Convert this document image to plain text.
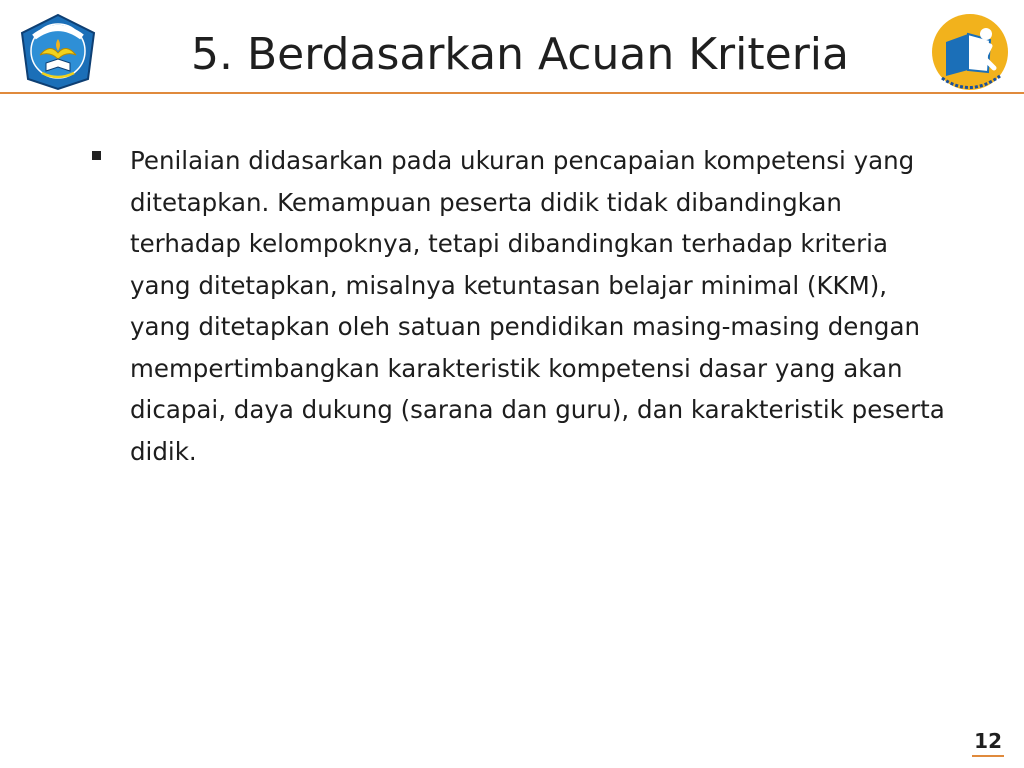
5. Berdasarkan Acuan Kriteria
Penilaian didasarkan pada ukuran pencapaian kompetensi yang ditetapkan. Kemampuan peserta didik tidak dibandingkan terhadap kelompoknya, tetapi dibandingkan terhadap kriteria yang ditetapkan, misalnya ketuntasan belajar minimal (KKM), yang ditetapkan oleh satuan pendidikan masing-masing dengan mempertimbangkan karakteristik kompetensi dasar yang akan dicapai, daya dukung (sarana dan guru), dan karakteristik peserta didik.
12
